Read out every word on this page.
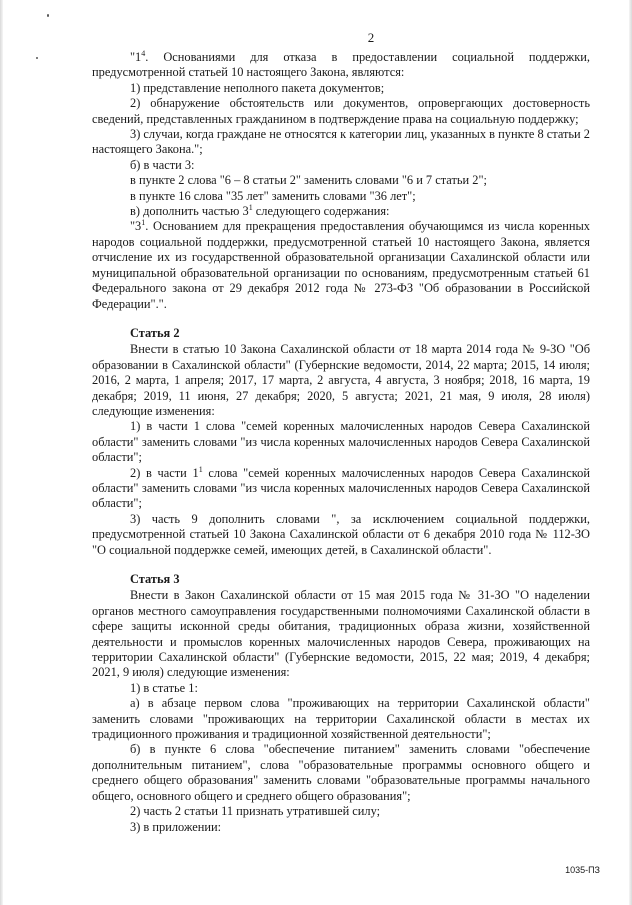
2

"$1^4$. Основаниями для отказа в предоставлении социальной поддержки, предусмотренной статьей 10 настоящего Закона, являются:

1) представление неполного пакета документов;

2) обнаружение обстоятельств или документов, опровергающих достоверность сведений, представленных гражданином в подтверждение права на социальную поддержку;

3) случаи, когда граждане не относятся к категории лиц, указанных в пункте 8 статьи 2 настоящего Закона.";

б) в части 3:

в пункте 2 слова "6 – 8 статьи 2" заменить словами "6 и 7 статьи 2";

в пункте 16 слова "35 лет" заменить словами "36 лет";

в) дополнить частью $3^1$ следующего содержания:

"$3^1$. Основанием для прекращения предоставления обучающимся из числа коренных народов социальной поддержки, предусмотренной статьей 10 настоящего Закона, является отчисление их из государственной образовательной организации Сахалинской области или муниципальной образовательной организации по основаниям, предусмотренным статьей 61 Федерального закона от 29 декабря 2012 года № 273-ФЗ "Об образовании в Российской Федерации".".

Статья 2

Внести в статью 10 Закона Сахалинской области от 18 марта 2014 года № 9-ЗО "Об образовании в Сахалинской области" (Губернские ведомости, 2014, 22 марта; 2015, 14 июля; 2016, 2 марта, 1 апреля; 2017, 17 марта, 2 августа, 4 августа, 3 ноября; 2018, 16 марта, 19 декабря; 2019, 11 июня, 27 декабря; 2020, 5 августа; 2021, 21 мая, 9 июля, 28 июля) следующие изменения:

1) в части 1 слова "семей коренных малочисленных народов Севера Сахалинской области" заменить словами "из числа коренных малочисленных народов Севера Сахалинской области";

2) в части $1^1$ слова "семей коренных малочисленных народов Севера Сахалинской области" заменить словами "из числа коренных малочисленных народов Севера Сахалинской области";

3) часть 9 дополнить словами ", за исключением социальной поддержки, предусмотренной статьей 10 Закона Сахалинской области от 6 декабря 2010 года № 112-ЗО "О социальной поддержке семей, имеющих детей, в Сахалинской области".

Статья 3

Внести в Закон Сахалинской области от 15 мая 2015 года № 31-ЗО "О наделении органов местного самоуправления государственными полномочиями Сахалинской области в сфере защиты исконной среды обитания, традиционных образа жизни, хозяйственной деятельности и промыслов коренных малочисленных народов Севера, проживающих на территории Сахалинской области" (Губернские ведомости, 2015, 22 мая; 2019, 4 декабря; 2021, 9 июля) следующие изменения:

1) в статье 1:

а) в абзаце первом слова "проживающих на территории Сахалинской области" заменить словами "проживающих на территории Сахалинской области в местах их традиционного проживания и традиционной хозяйственной деятельности";

б) в пункте 6 слова "обеспечение питанием" заменить словами "обеспечение дополнительным питанием", слова "образовательные программы основного общего и среднего общего образования" заменить словами "образовательные программы начального общего, основного общего и среднего общего образования";

2) часть 2 статьи 11 признать утратившей силу;

3) в приложении:

1035-ПЗ
